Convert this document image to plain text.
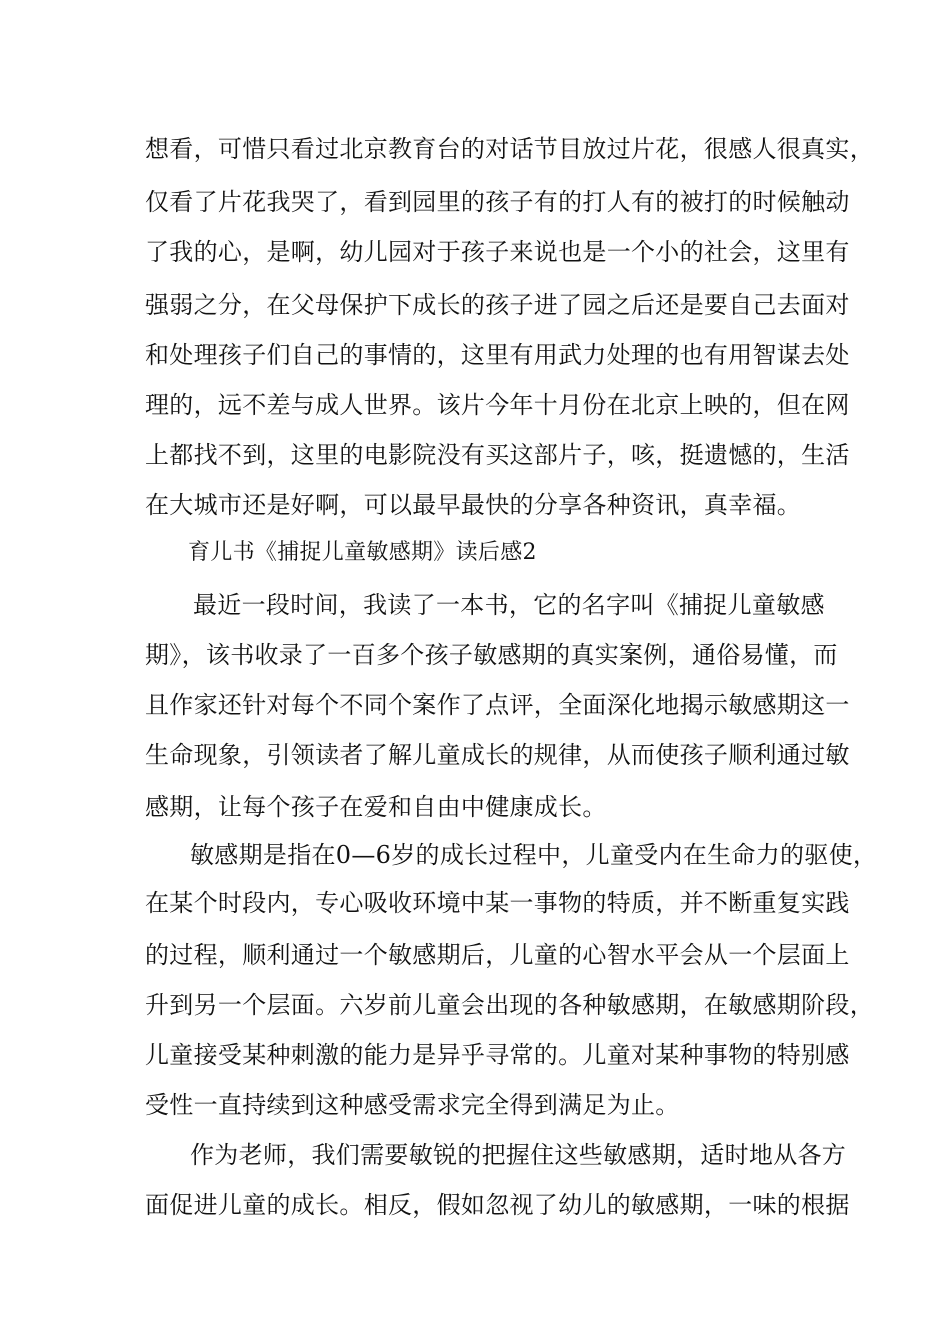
想看，可惜只看过北京教育台的对话节目放过片花，很感人很真实，
仅看了片花我哭了，看到园里的孩子有的打人有的被打的时候触动
了我的心，是啊，幼儿园对于孩子来说也是一个小的社会，这里有
强弱之分，在父母保护下成长的孩子进了园之后还是要自己去面对
和处理孩子们自己的事情的，这里有用武力处理的也有用智谋去处
理的，远不差与成人世界。该片今年十月份在北京上映的，但在网
上都找不到，这里的电影院没有买这部片子，咳，挺遗憾的，生活
在大城市还是好啊，可以最早最快的分享各种资讯，真幸福。
育儿书《捕捉儿童敏感期》读后感2
最近一段时间，我读了一本书，它的名字叫《捕捉儿童敏感
期》，该书收录了一百多个孩子敏感期的真实案例，通俗易懂，而
且作家还针对每个不同个案作了点评，全面深化地揭示敏感期这一
生命现象，引领读者了解儿童成长的规律，从而使孩子顺利通过敏
感期，让每个孩子在爱和自由中健康成长。
敏感期是指在0—6岁的成长过程中，儿童受内在生命力的驱使，
在某个时段内，专心吸收环境中某一事物的特质，并不断重复实践
的过程，顺利通过一个敏感期后，儿童的心智水平会从一个层面上
升到另一个层面。六岁前儿童会出现的各种敏感期，在敏感期阶段，
儿童接受某种刺激的能力是异乎寻常的。儿童对某种事物的特别感
受性一直持续到这种感受需求完全得到满足为止。
作为老师，我们需要敏锐的把握住这些敏感期，适时地从各方
面促进儿童的成长。相反，假如忽视了幼儿的敏感期，一味的根据
